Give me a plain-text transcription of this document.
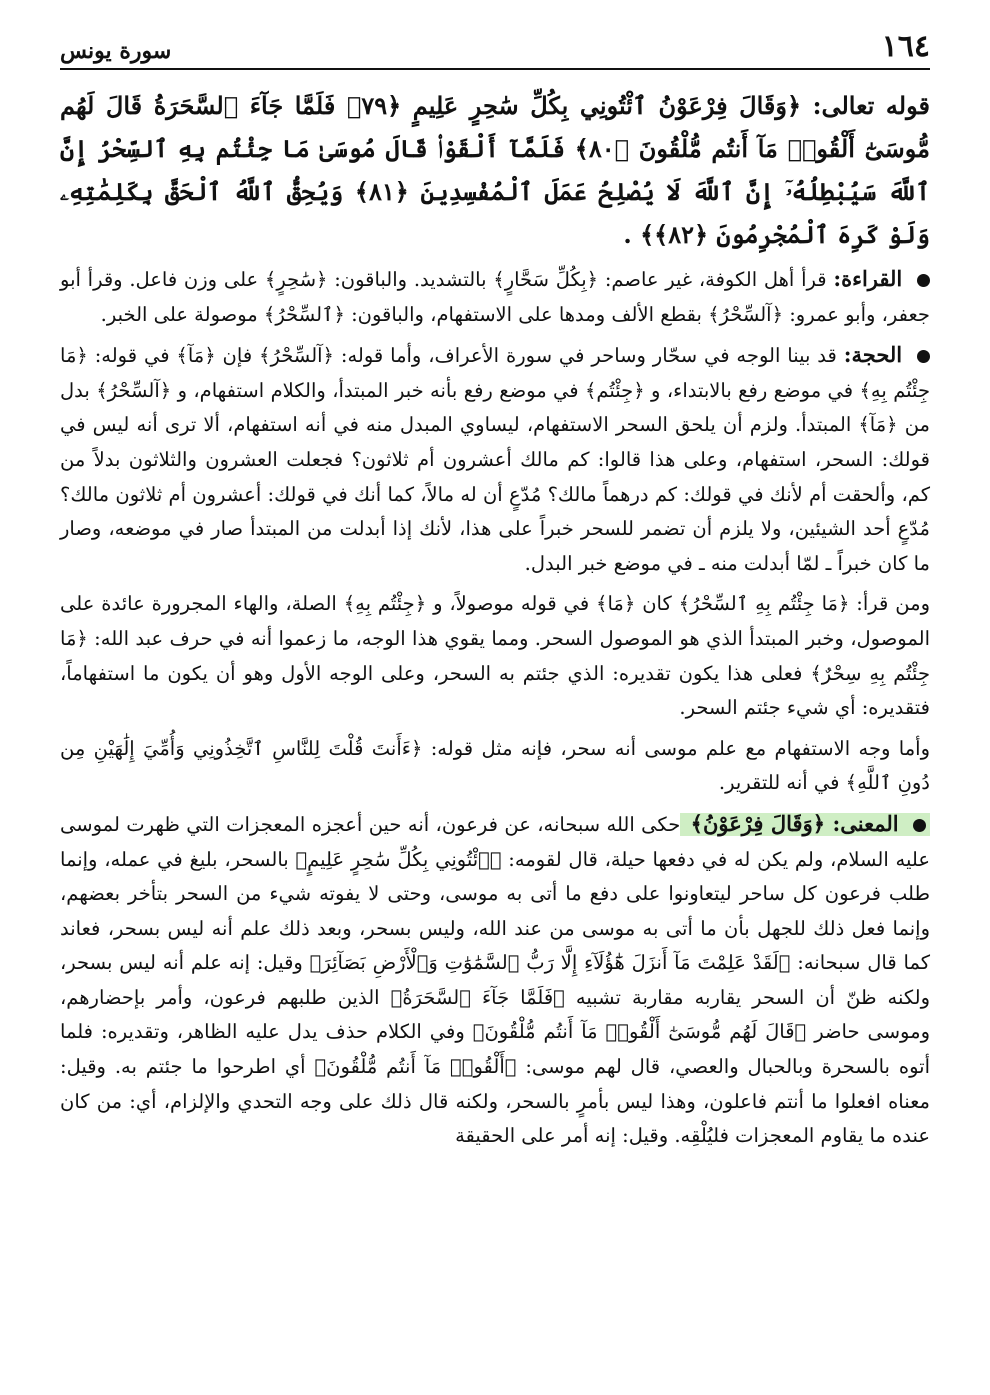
١٦٤
سورة يونس
قوله تعالى: ﴿وَقَالَ فِرْعَوْنُ ٱئْتُونِي بِكُلِّ سَٰحِرٍ عَلِيمٍ ﴿٧٩﴾ فَلَمَّا جَآءَ ٱلسَّحَرَةُ قَالَ لَهُم مُّوسَىٰٓ أَلْقُوا۟ مَآ أَنتُم مُّلْقُونَ ﴿٨٠﴾ فَلَمَّآ أَلْقَوْا۟ قَالَ مُوسَىٰ مَا جِئْتُم بِهِ ٱلسِّحْرُ إِنَّ ٱللَّهَ سَيُبْطِلُهُۥٓ إِنَّ ٱللَّهَ لَا يُصْلِحُ عَمَلَ ٱلْمُفْسِدِينَ ﴿٨١﴾ وَيُحِقُّ ٱللَّهُ ٱلْحَقَّ بِكَلِمَٰتِهِۦ وَلَوْ كَرِهَ ٱلْمُجْرِمُونَ ﴿٨٢﴾﴾ .

القراءة: قرأ أهل الكوفة، غير عاصم: ﴿بِكُلِّ سَحَّارٍ﴾ بالتشديد. والباقون: ﴿سَٰحِرٍ﴾ على وزن فاعل. وقرأ أبو جعفر، وأبو عمرو: ﴿آلسِّحْرُ﴾ بقطع الألف ومدها على الاستفهام، والباقون: ﴿ٱلسِّحْرُ﴾ موصولة على الخبر.

الحجة: قد بينا الوجه في سحّار وساحر في سورة الأعراف، وأما قوله: ﴿آلسِّحْرُ﴾ فإن ﴿مَآ﴾ في قوله: ﴿مَا جِئْتُم بِهِ﴾ في موضع رفع بالابتداء، و ﴿جِئْتُم﴾ في موضع رفع بأنه خبر المبتدأ، والكلام استفهام، و ﴿آلسِّحْرُ﴾ بدل من ﴿مَآ﴾ المبتدأ. ولزم أن يلحق السحر الاستفهام، ليساوي المبدل منه في أنه استفهام، ألا ترى أنه ليس في قولك: السحر، استفهام، وعلى هذا قالوا: كم مالك أعشرون أم ثلاثون؟ فجعلت العشرون والثلاثون بدلاً من كم، وألحقت أم لأنك في قولك: كم درهماً مالك؟ مُدّعٍ أن له مالاً، كما أنك في قولك: أعشرون أم ثلاثون مالك؟ مُدّعٍ أحد الشيئين، ولا يلزم أن تضمر للسحر خبراً على هذا، لأنك إذا أبدلت من المبتدأ صار في موضعه، وصار ما كان خبراً ـ لمّا أبدلت منه ـ في موضع خبر البدل.

ومن قرأ: ﴿مَا جِئْتُم بِهِ ٱلسِّحْرُ﴾ كان ﴿مَا﴾ في قوله موصولاً، و ﴿جِئْتُم بِهِ﴾ الصلة، والهاء المجرورة عائدة على الموصول، وخبر المبتدأ الذي هو الموصول السحر. ومما يقوي هذا الوجه، ما زعموا أنه في حرف عبد الله: ﴿مَا جِئْتُم بِهِ سِحْرٌ﴾ فعلى هذا يكون تقديره: الذي جئتم به السحر، وعلى الوجه الأول وهو أن يكون ما استفهاماً، فتقديره: أي شيء جئتم السحر.

وأما وجه الاستفهام مع علم موسى أنه سحر، فإنه مثل قوله: ﴿ءَأَنتَ قُلْتَ لِلنَّاسِ ٱتَّخِذُونِي وَأُمِّيَ إِلَٰهَيْنِ مِن دُونِ ٱللَّهِ﴾ في أنه للتقرير.

المعنى: ﴿وَقَالَ فِرْعَوْنُ﴾ حكى الله سبحانه، عن فرعون، أنه حين أعجزه المعجزات التي ظهرت لموسى عليه السلام، ولم يكن له في دفعها حيلة، قال لقومه: ﴿ٱئْتُونِي بِكُلِّ سَٰحِرٍ عَلِيمٍ﴾ بالسحر، بليغ في عمله، وإنما طلب فرعون كل ساحر ليتعاونوا على دفع ما أتى به موسى، وحتى لا يفوته شيء من السحر بتأخر بعضهم، وإنما فعل ذلك للجهل بأن ما أتى به موسى من عند الله، وليس بسحر، وبعد ذلك علم أنه ليس بسحر، فعاند كما قال سبحانه: ﴿لَقَدْ عَلِمْتَ مَآ أَنزَلَ هَٰٓؤُلَآءِ إِلَّا رَبُّ ٱلسَّمَٰوَٰتِ وَٱلْأَرْضِ بَصَآئِرَ﴾ وقيل: إنه علم أنه ليس بسحر، ولكنه ظنّ أن السحر يقاربه مقاربة تشبيه ﴿فَلَمَّا جَآءَ ٱلسَّحَرَةُ﴾ الذين طلبهم فرعون، وأمر بإحضارهم، وموسى حاضر ﴿قَالَ لَهُم مُّوسَىٰٓ أَلْقُوا۟ مَآ أَنتُم مُّلْقُونَ﴾ وفي الكلام حذف يدل عليه الظاهر، وتقديره: فلما أتوه بالسحرة وبالحبال والعصي، قال لهم موسى: ﴿أَلْقُوا۟ مَآ أَنتُم مُّلْقُونَ﴾ أي اطرحوا ما جئتم به. وقيل: معناه افعلوا ما أنتم فاعلون، وهذا ليس بأمرٍ بالسحر، ولكنه قال ذلك على وجه التحدي والإلزام، أي: من كان عنده ما يقاوم المعجزات فليُلْقِه. وقيل: إنه أمر على الحقيقة
